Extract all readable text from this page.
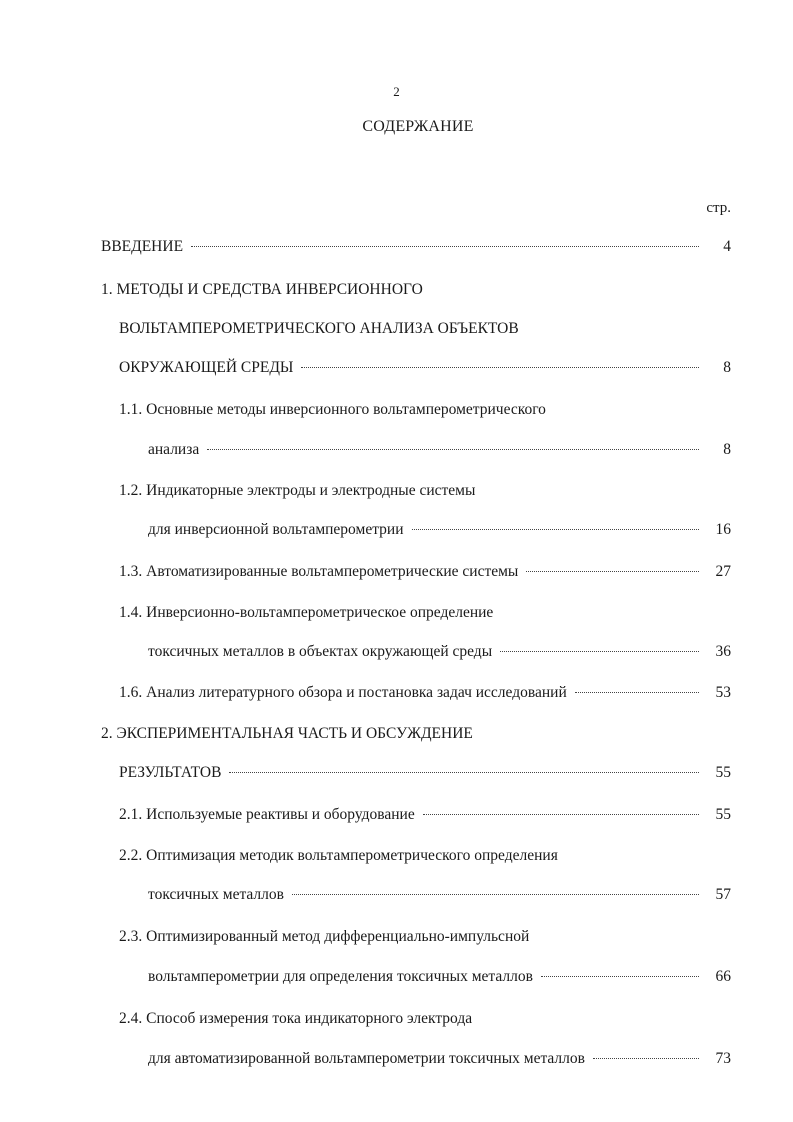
2
СОДЕРЖАНИЕ
стр.
ВВЕДЕНИЕ	4
1. МЕТОДЫ И СРЕДСТВА ИНВЕРСИОННОГО
ВОЛЬТАМПЕРОМЕТРИЧЕСКОГО АНАЛИЗА ОБЪЕКТОВ
ОКРУЖАЮЩЕЙ СРЕДЫ	8
1.1. Основные методы инверсионного вольтамперометрического
анализа	8
1.2. Индикаторные электроды и электродные системы
для инверсионной вольтамперометрии	16
1.3. Автоматизированные вольтамперометрические системы	27
1.4. Инверсионно-вольтамперометрическое определение
токсичных металлов в объектах окружающей среды	36
1.6. Анализ литературного обзора и постановка задач исследований	53
2. ЭКСПЕРИМЕНТАЛЬНАЯ ЧАСТЬ И ОБСУЖДЕНИЕ
РЕЗУЛЬТАТОВ	55
2.1. Используемые реактивы и оборудование	55
2.2. Оптимизация методик вольтамперометрического определения
токсичных металлов	57
2.3. Оптимизированный метод дифференциально-импульсной
вольтамперометрии для определения токсичных металлов	66
2.4. Способ измерения тока индикаторного электрода
для автоматизированной вольтамперометрии токсичных металлов	73
